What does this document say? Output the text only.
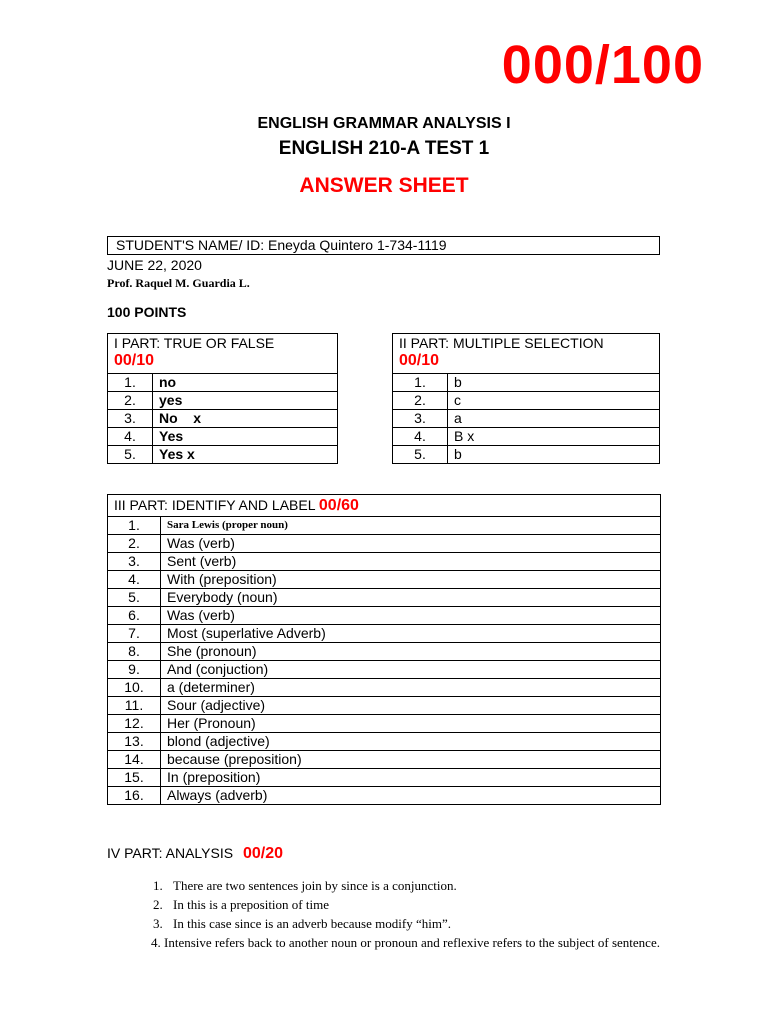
000/100
ENGLISH GRAMMAR ANALYSIS I
ENGLISH 210-A TEST 1
ANSWER SHEET
STUDENT'S NAME/ ID: Eneyda Quintero 1-734-1119
JUNE 22, 2020
Prof. Raquel M. Guardia L.
100 POINTS
I PART: TRUE OR FALSE
00/10	

1.	no
2.	yes
3.	No    x
4.	Yes
5.	Yes x
II PART: MULTIPLE SELECTION
00/10	

1.	b
2.	c
3.	a
4.	B x
5.	b
III PART: IDENTIFY AND LABEL 00/60	
1.	Sara Lewis (proper noun)
2.	Was (verb)
3.	Sent (verb)
4.	With (preposition)
5.	Everybody (noun)
6.	Was (verb)
7.	Most (superlative Adverb)
8.	She (pronoun)
9.	And (conjuction)
10.	a (determiner)
11.	Sour (adjective)
12.	Her (Pronoun)
13.	blond (adjective)
14.	because (preposition)
15.	In (preposition)
16.	Always (adverb)
IV PART: ANALYSIS 00/20
1. There are two sentences join by since is a conjunction.
2. In this is a preposition of time
3. In this case since is an adverb because modify “him”.
4. Intensive refers back to another noun or pronoun and reflexive refers to the subject of sentence.
